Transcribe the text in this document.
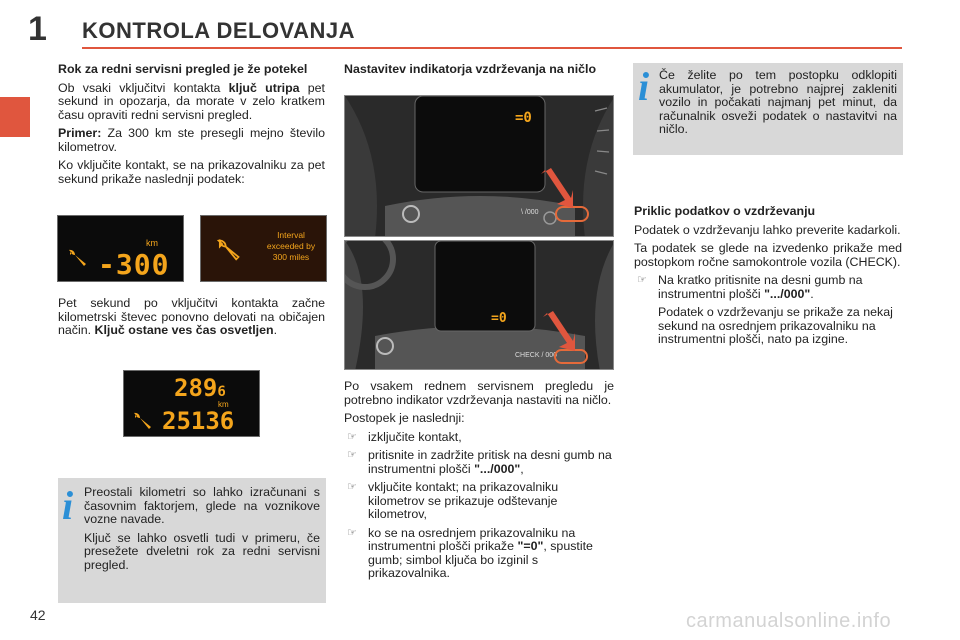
1 KONTROLA DELOVANJA

Rok za redni servisni pregled je že potekel

Ob vsaki vključitvi kontakta ključ utripa pet sekund in opozarja, da morate v zelo kratkem času opraviti redni servisni pregled.

Primer: Za 300 km ste presegli mejno število kilometrov.

Ko vključite kontakt, se na prikazovalniku za pet sekund prikaže naslednji podatek:

km
-300
Interval
exceeded by
300 miles

Pet sekund po vključitvi kontakta začne kilometrski števec ponovno delovati na običajen način. Ključ ostane ves čas osvetljen.

2896
km
25136
i Preostali kilometri so lahko izračunani s časovnim faktorjem, glede na voznikove vozne navade.

Ključ se lahko osvetli tudi v primeru, če presežete dveletni rok za redni servisni pregled.

Nastavitev indikatorja vzdrževanja na ničlo

=0
\ /000
=0
CHECK / 000

Po vsakem rednem servisnem pregledu je potrebno indikator vzdrževanja nastaviti na ničlo.

Postopek je naslednji:

☞ izključite kontakt,
☞ pritisnite in zadržite pritisk na desni gumb na instrumentni plošči ".../000",
☞ vključite kontakt; na prikazovalniku kilometrov se prikazuje odštevanje kilometrov,
☞ ko se na osrednjem prikazovalniku na instrumentni plošči prikaže "=0", spustite gumb; simbol ključa bo izginil s prikazovalnika.
i Če želite po tem postopku odklopiti akumulator, je potrebno najprej zakleniti vozilo in počakati najmanj pet minut, da računalnik osveži podatek o nastavitvi na ničlo.

Priklic podatkov o vzdrževanju

Podatek o vzdrževanju lahko preverite kadarkoli.

Ta podatek se glede na izvedenko prikaže med postopkom ročne samokontrole vozila (CHECK).

☞ Na kratko pritisnite na desni gumb na instrumentni plošči ".../000".
Podatek o vzdrževanju se prikaže za nekaj sekund na osrednjem prikazovalniku na instrumentni plošči, nato pa izgine.
42	carmanualsonline.info
